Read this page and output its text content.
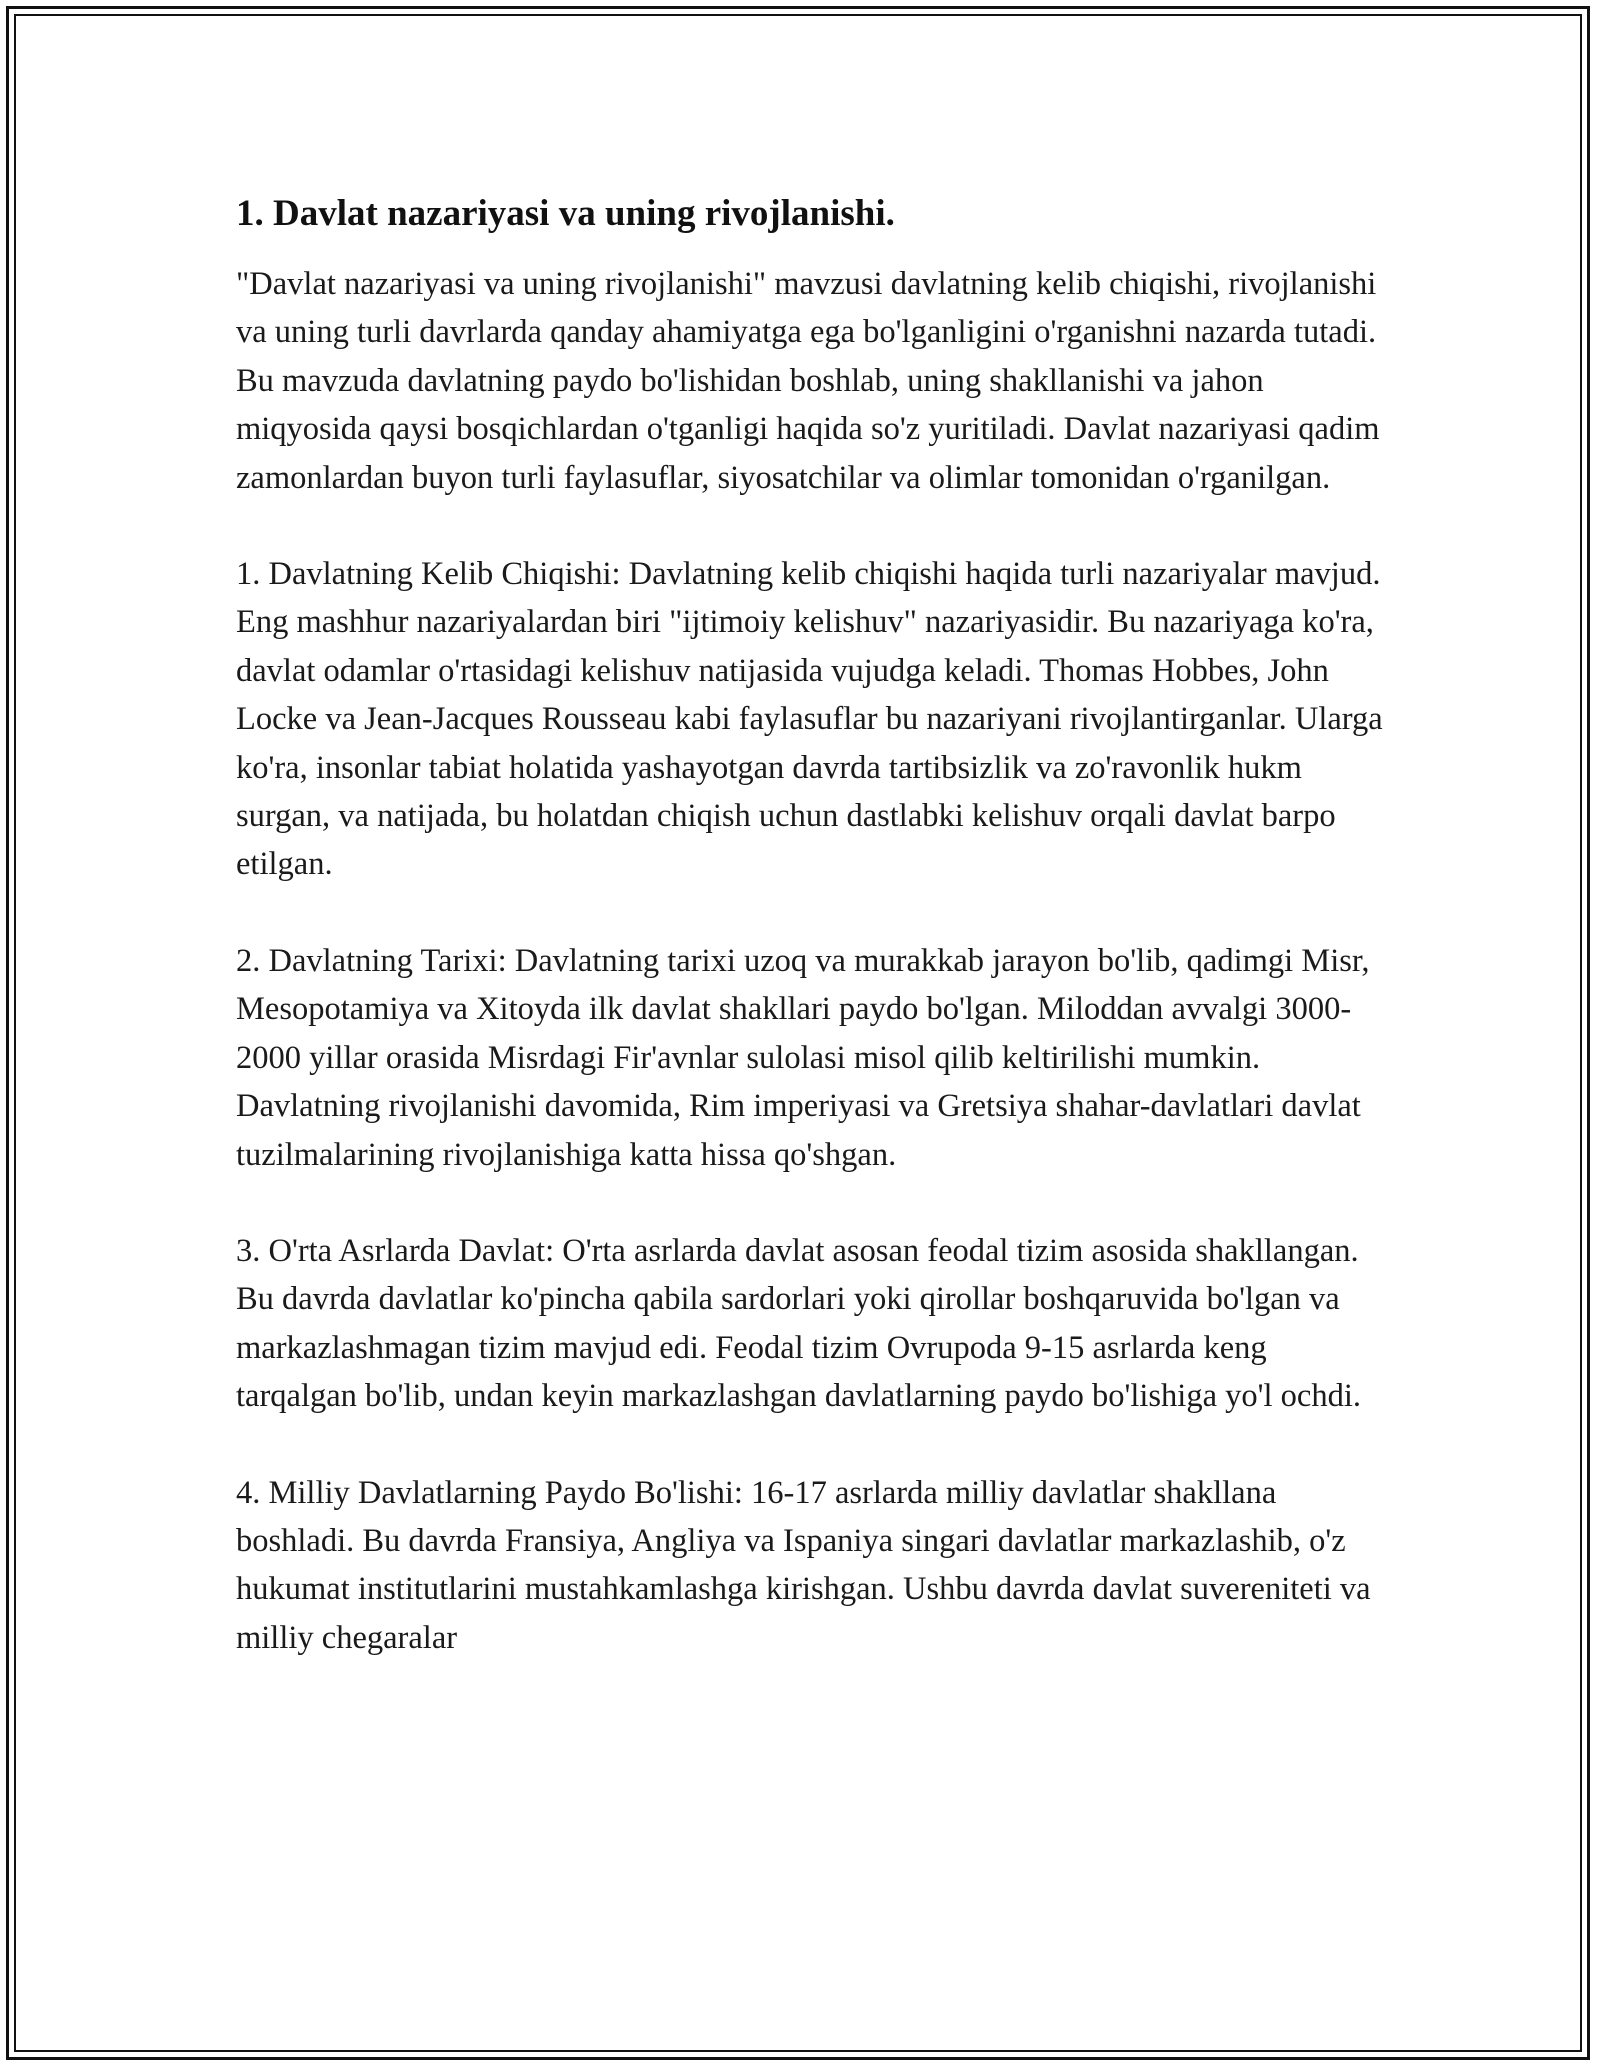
1. Davlat nazariyasi va uning rivojlanishi.

"Davlat nazariyasi va uning rivojlanishi" mavzusi davlatning kelib chiqishi, rivojlanishi va uning turli davrlarda qanday ahamiyatga ega bo'lganligini o'rganishni nazarda tutadi. Bu mavzuda davlatning paydo bo'lishidan boshlab, uning shakllanishi va jahon miqyosida qaysi bosqichlardan o'tganligi haqida so'z yuritiladi. Davlat nazariyasi qadim zamonlardan buyon turli faylasuflar, siyosatchilar va olimlar tomonidan o'rganilgan.

1. Davlatning Kelib Chiqishi: Davlatning kelib chiqishi haqida turli nazariyalar mavjud. Eng mashhur nazariyalardan biri "ijtimoiy kelishuv" nazariyasidir. Bu nazariyaga ko'ra, davlat odamlar o'rtasidagi kelishuv natijasida vujudga keladi. Thomas Hobbes, John Locke va Jean-Jacques Rousseau kabi faylasuflar bu nazariyani rivojlantirganlar. Ularga ko'ra, insonlar tabiat holatida yashayotgan davrda tartibsizlik va zo'ravonlik hukm surgan, va natijada, bu holatdan chiqish uchun dastlabki kelishuv orqali davlat barpo etilgan.

2. Davlatning Tarixi: Davlatning tarixi uzoq va murakkab jarayon bo'lib, qadimgi Misr, Mesopotamiya va Xitoyda ilk davlat shakllari paydo bo'lgan. Miloddan avvalgi 3000-2000 yillar orasida Misrdagi Fir'avnlar sulolasi misol qilib keltirilishi mumkin. Davlatning rivojlanishi davomida, Rim imperiyasi va Gretsiya shahar-davlatlari davlat tuzilmalarining rivojlanishiga katta hissa qo'shgan.

3. O'rta Asrlarda Davlat: O'rta asrlarda davlat asosan feodal tizim asosida shakllangan. Bu davrda davlatlar ko'pincha qabila sardorlari yoki qirollar boshqaruvida bo'lgan va markazlashmagan tizim mavjud edi. Feodal tizim Ovrupoda 9-15 asrlarda keng tarqalgan bo'lib, undan keyin markazlashgan davlatlarning paydo bo'lishiga yo'l ochdi.

4. Milliy Davlatlarning Paydo Bo'lishi: 16-17 asrlarda milliy davlatlar shakllana boshladi. Bu davrda Fransiya, Angliya va Ispaniya singari davlatlar markazlashib, o'z hukumat institutlarini mustahkamlashga kirishgan. Ushbu davrda davlat suvereniteti va milliy chegaralar
